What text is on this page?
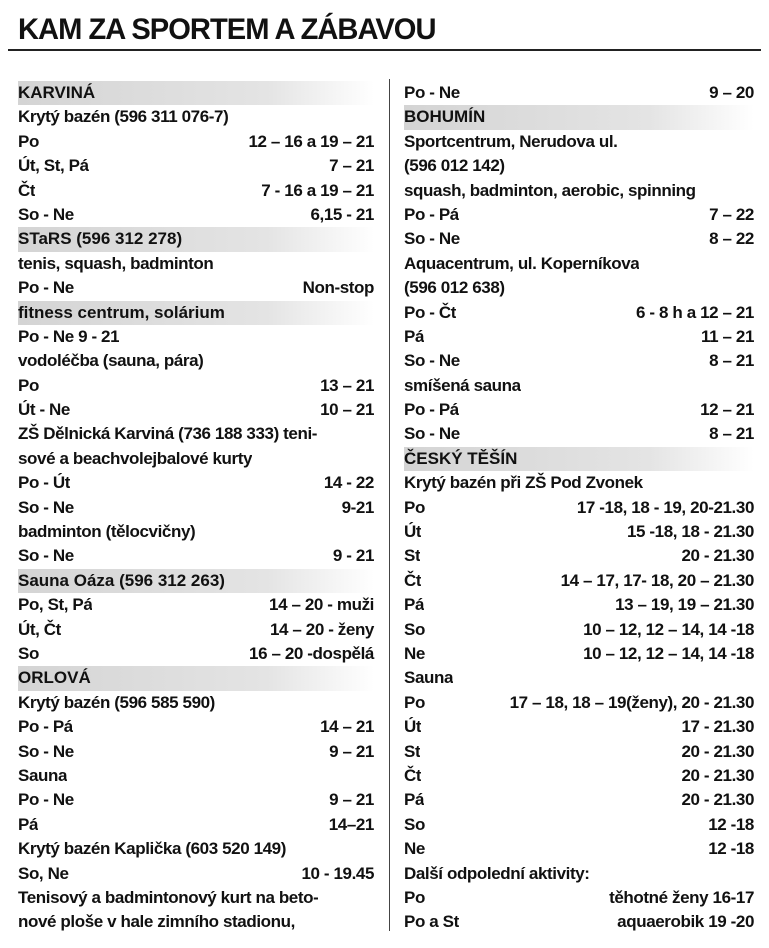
KAM ZA SPORTEM A ZÁBAVOU
KARVINÁ
Krytý bazén (596 311 076-7)
Po	12 – 16 a 19 – 21
Út, St, Pá	7 – 21
Čt	7 - 16 a 19 – 21
So - Ne	6,15 - 21
STaRS (596 312 278)
tenis, squash, badminton
Po - Ne	Non-stop
fitness centrum, solárium
Po - Ne 9 - 21
vodoléčba (sauna, pára)
Po	13 – 21
Út - Ne	10 – 21
ZŠ Dělnická Karviná (736 188 333) teni-
sové a beachvolejbalové kurty
Po - Út	14 - 22
So - Ne	9-21
badminton (tělocvičny)
So - Ne	9 - 21
Sauna Oáza (596 312 263)
Po, St, Pá	14 – 20 - muži
Út, Čt	14 – 20 - ženy
So	16 – 20 -dospělá
ORLOVÁ
Krytý bazén (596 585 590)
Po - Pá	14 – 21
So - Ne	9 – 21
Sauna
Po - Ne	9 – 21
Pá	14–21
Krytý bazén Kaplička (603 520 149)
So, Ne	10 - 19.45
Tenisový a badmintonový kurt na beto-
nové ploše v hale zimního stadionu,
Po - Ne	9 – 20
BOHUMÍN
Sportcentrum, Nerudova ul.
(596 012 142)
squash, badminton, aerobic, spinning
Po - Pá	7 – 22
So - Ne	8 – 22
Aquacentrum, ul. Koperníkova
(596 012 638)
Po - Čt	6 - 8 h a 12 – 21
Pá	11 – 21
So - Ne	8 – 21
smíšená sauna
Po - Pá	12 – 21
So - Ne	8 – 21
ČESKÝ TĚŠÍN
Krytý bazén při ZŠ Pod Zvonek
Po	17 -18, 18 - 19, 20-21.30
Út	15 -18, 18 - 21.30
St	20 - 21.30
Čt	14 – 17, 17- 18, 20 – 21.30
Pá	13 – 19, 19 – 21.30
So	10 – 12, 12 – 14, 14 -18
Ne	10 – 12, 12 – 14, 14 -18
Sauna
Po	17 – 18, 18 – 19(ženy), 20 - 21.30
Út	17 - 21.30
St	20 - 21.30
Čt	20 - 21.30
Pá	20 - 21.30
So	12 -18
Ne	12 -18
Další odpolední aktivity:
Po	těhotné ženy 16-17
Po a St	aquaerobik 19 -20
